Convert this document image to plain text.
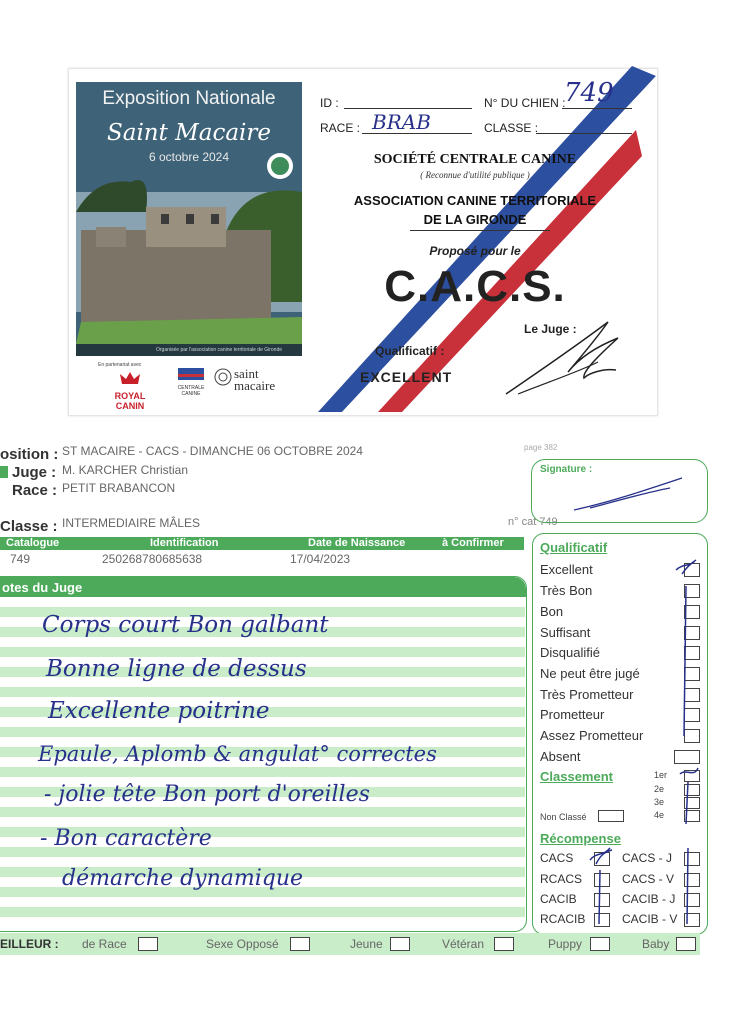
Exposition Nationale
Saint Macaire
6 octobre 2024
Organisée par l'association canine territoriale de Gironde
En partenariat avec
ROYAL CANIN
CENTRALE CANINE
saint macaire
ID :	N° DU CHIEN :
749
RACE : BRAB	CLASSE :
SOCIÉTÉ CENTRALE CANINE
( Reconnue d'utilité publique )
ASSOCIATION CANINE TERRITORIALE
DE LA GIRONDE
Proposé pour le
C.A.C.S.
Le Juge :
Qualificatif :
EXCELLENT
page 382
osition : ST MACAIRE - CACS - DIMANCHE 06 OCTOBRE 2024
Juge : M. KARCHER Christian
Race : PETIT BRABANCON
Classe : INTERMEDIAIRE MÂLES	n° cat 749
Signature :
Catalogue	Identification	Date de Naissance	à Confirmer
749	250268780685638	17/04/2023
otes du Juge
Corps court Bon galbant
Bonne ligne de dessus
Excellente poitrine
Epaule, Aplomb & angulat° correctes
- jolie tête Bon port d'oreilles
- Bon caractère
démarche dynamique
Qualificatif
Excellent
Très Bon
Bon
Suffisant
Disqualifié
Ne peut être jugé
Très Prometteur
Prometteur
Assez Prometteur
Absent
Classement	1er
2e
3e
4e
Non Classé
Récompense
CACS
RCACS
CACIB
RCACIB
CACS - J
CACS - V
CACIB - J
CACIB - V
EILLEUR : de Race	Sexe Opposé	Jeune	Vétéran	Puppy	Baby
